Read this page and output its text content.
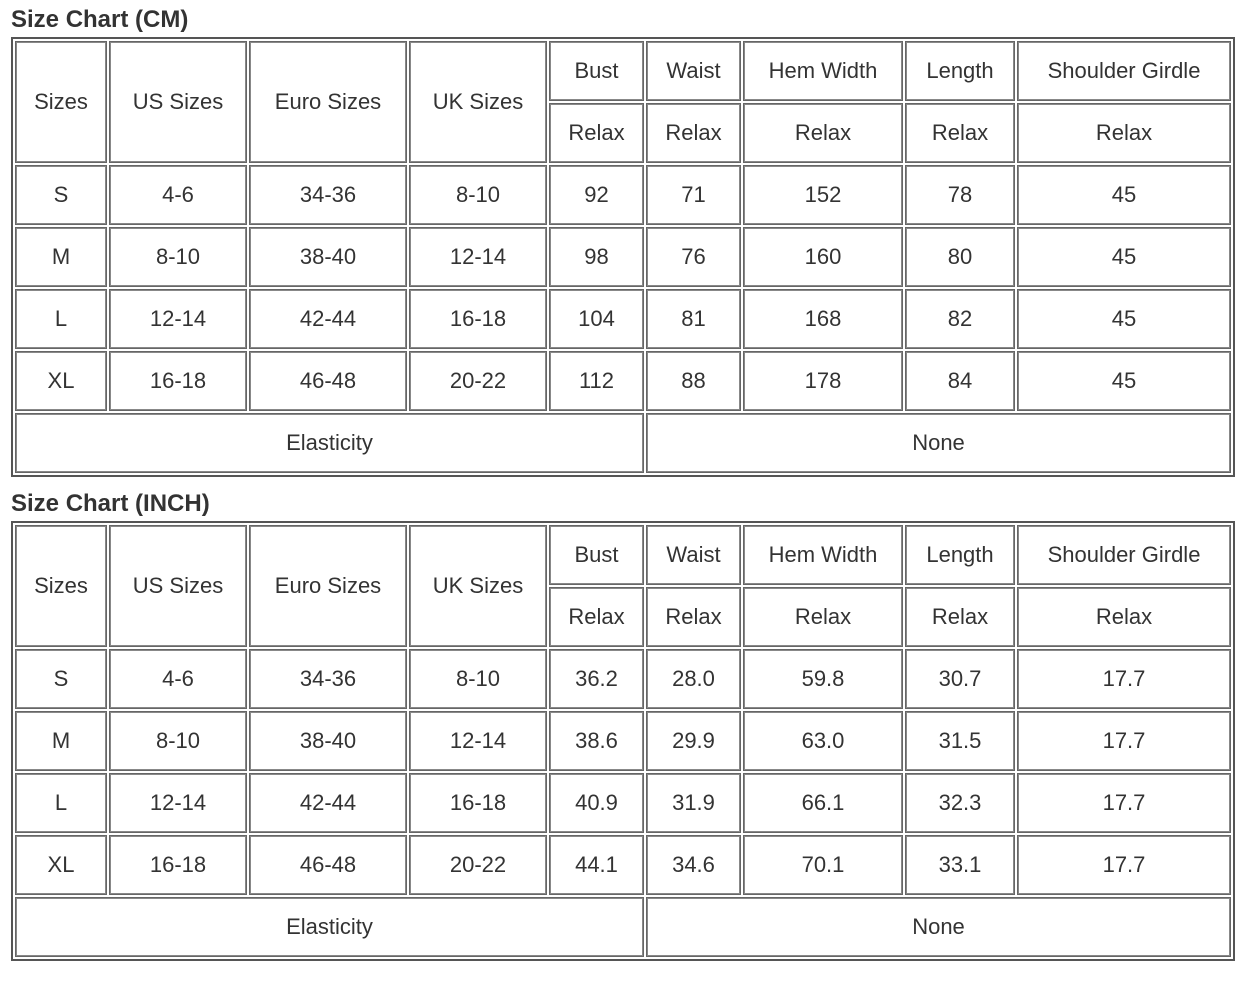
Size Chart (CM)
Sizes	US Sizes	Euro Sizes	UK Sizes	Bust	Waist	Hem Width	Length	Shoulder Girdle
				Relax	Relax	Relax	Relax	Relax
S	4-6	34-36	8-10	92	71	152	78	45
M	8-10	38-40	12-14	98	76	160	80	45
L	12-14	42-44	16-18	104	81	168	82	45
XL	16-18	46-48	20-22	112	88	178	84	45
Elasticity					None			
Size Chart (INCH)
Sizes	US Sizes	Euro Sizes	UK Sizes	Bust	Waist	Hem Width	Length	Shoulder Girdle
				Relax	Relax	Relax	Relax	Relax
S	4-6	34-36	8-10	36.2	28.0	59.8	30.7	17.7
M	8-10	38-40	12-14	38.6	29.9	63.0	31.5	17.7
L	12-14	42-44	16-18	40.9	31.9	66.1	32.3	17.7
XL	16-18	46-48	20-22	44.1	34.6	70.1	33.1	17.7
Elasticity					None			
